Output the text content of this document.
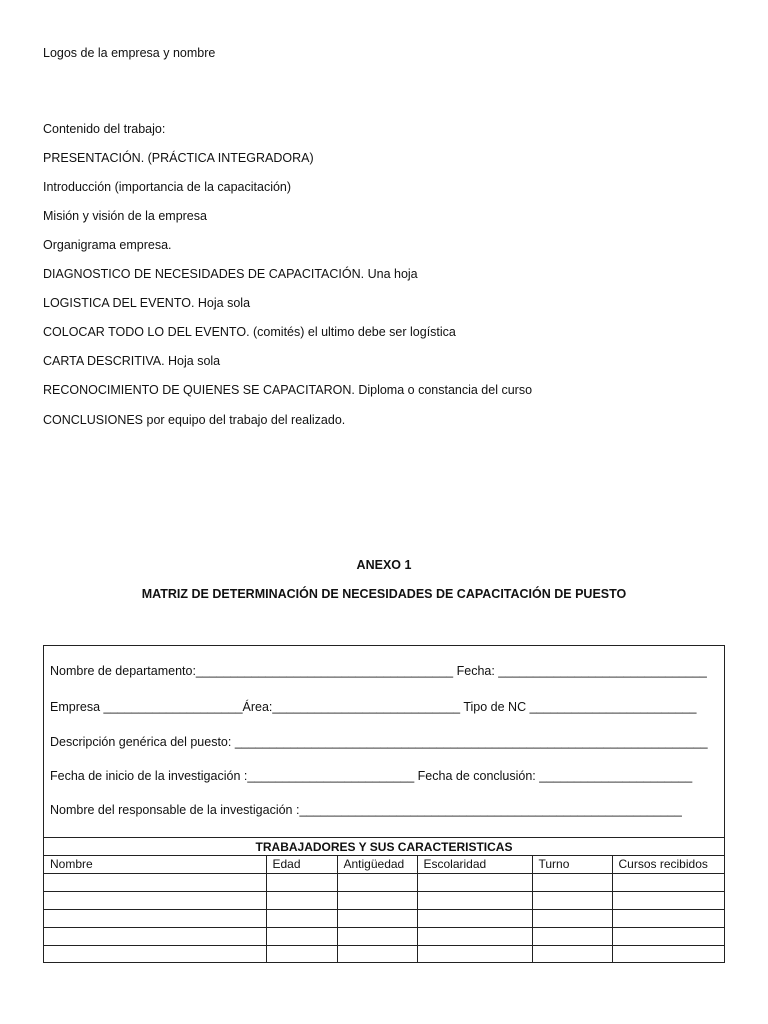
Logos de la empresa y nombre
Contenido del trabajo:
PRESENTACIÓN. (PRÁCTICA INTEGRADORA)
Introducción (importancia de la capacitación)
Misión y visión de la empresa
Organigrama empresa.
DIAGNOSTICO DE NECESIDADES DE CAPACITACIÓN. Una hoja
LOGISTICA DEL EVENTO. Hoja sola
COLOCAR TODO LO DEL EVENTO. (comités) el ultimo debe ser logística
CARTA DESCRITIVA. Hoja sola
RECONOCIMIENTO DE QUIENES SE CAPACITARON. Diploma o constancia del curso
CONCLUSIONES por equipo del trabajo del realizado.
ANEXO 1
MATRIZ DE DETERMINACIÓN DE NECESIDADES DE CAPACITACIÓN DE PUESTO
Nombre de departamento:_____________________________________ Fecha: ______________________________
Empresa ____________________Área:___________________________ Tipo de NC ________________________
Descripción genérica del puesto: ____________________________________________________________________
Fecha de inicio de la investigación :________________________ Fecha de conclusión: ______________________
Nombre del responsable de la investigación :_______________________________________________________
TRABAJADORES Y SUS CARACTERISTICAS
Nombre	Edad	Antigüedad	Escolaridad	Turno	Cursos recibidos
